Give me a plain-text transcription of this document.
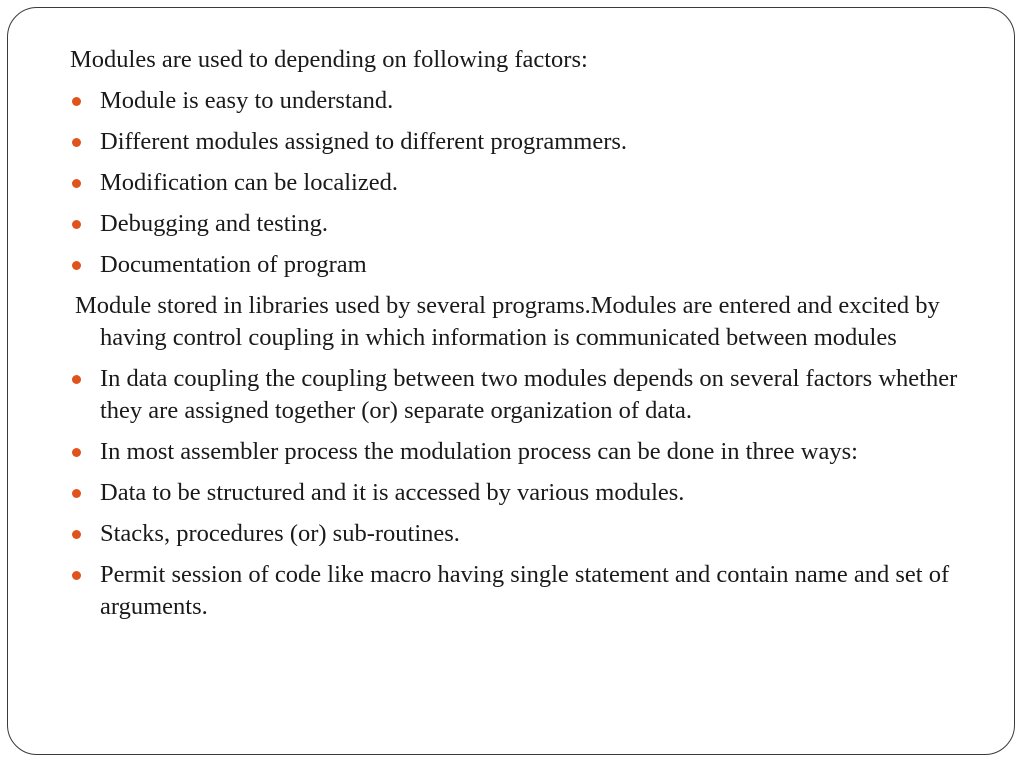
Modules are used to depending on following factors:

Module is easy to understand.
Different modules assigned to different programmers.
Modification can be localized.
Debugging and testing.
Documentation of program

Module stored in libraries used by several programs.Modules are entered and excited by having control coupling in which information is communicated between modules

In data coupling the coupling between two modules depends on several factors whether they are assigned together (or) separate organization of data.
In most assembler process the modulation process can be done in three ways:
Data to be structured and it is accessed by various modules.
Stacks, procedures (or) sub-routines.
Permit session of code like macro having single statement and contain name and set of arguments.
